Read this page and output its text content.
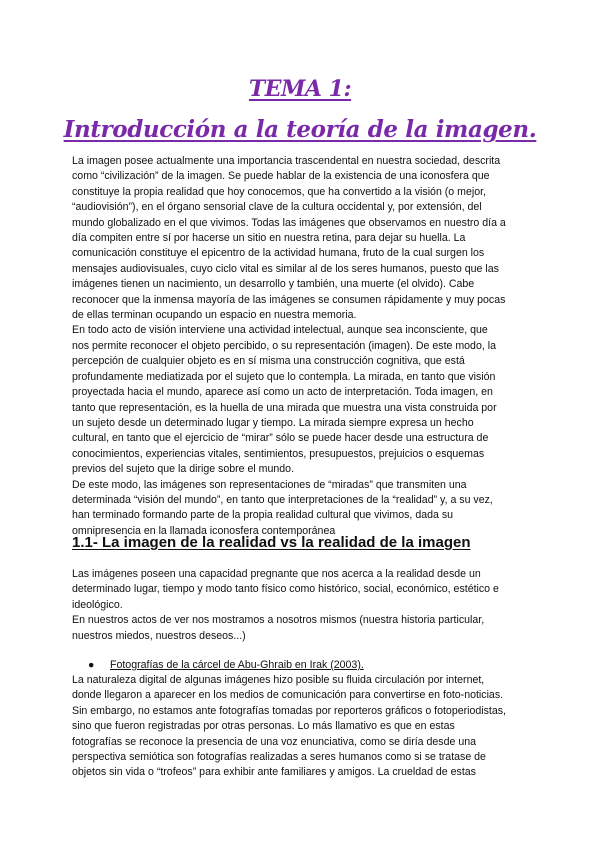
TEMA 1:
Introducción a la teoría de la imagen.

La imagen posee actualmente una importancia trascendental en nuestra sociedad, descrita
como “civilización” de la imagen. Se puede hablar de la existencia de una iconosfera que
constituye la propia realidad que hoy conocemos, que ha convertido a la visión (o mejor,
“audiovisión”), en el órgano sensorial clave de la cultura occidental y, por extensión, del
mundo globalizado en el que vivimos. Todas las imágenes que observamos en nuestro día a
día compiten entre sí por hacerse un sitio en nuestra retina, para dejar su huella. La
comunicación constituye el epicentro de la actividad humana, fruto de la cual surgen los
mensajes audiovisuales, cuyo ciclo vital es similar al de los seres humanos, puesto que las
imágenes tienen un nacimiento, un desarrollo y también, una muerte (el olvido). Cabe
reconocer que la inmensa mayoría de las imágenes se consumen rápidamente y muy pocas
de ellas terminan ocupando un espacio en nuestra memoria.
En todo acto de visión interviene una actividad intelectual, aunque sea inconsciente, que
nos permite reconocer el objeto percibido, o su representación (imagen). De este modo, la
percepción de cualquier objeto es en sí misma una construcción cognitiva, que está
profundamente mediatizada por el sujeto que lo contempla. La mirada, en tanto que visión
proyectada hacia el mundo, aparece así como un acto de interpretación. Toda imagen, en
tanto que representación, es la huella de una mirada que muestra una vista construida por
un sujeto desde un determinado lugar y tiempo. La mirada siempre expresa un hecho
cultural, en tanto que el ejercicio de “mirar” sólo se puede hacer desde una estructura de
conocimientos, experiencias vitales, sentimientos, presupuestos, prejuicios o esquemas
previos del sujeto que la dirige sobre el mundo.
De este modo, las imágenes son representaciones de “miradas” que transmiten una
determinada “visión del mundo”, en tanto que interpretaciones de la “realidad” y, a su vez,
han terminado formando parte de la propia realidad cultural que vivimos, dada su
omnipresencia en la llamada iconosfera contemporánea

1.1- La imagen de la realidad vs la realidad de la imagen

Las imágenes poseen una capacidad pregnante que nos acerca a la realidad desde un
determinado lugar, tiempo y modo tanto físico como histórico, social, económico, estético e
ideológico.
En nuestros actos de ver nos mostramos a nosotros mismos (nuestra historia particular,
nuestros miedos, nuestros deseos...)

● Fotografías de la cárcel de Abu-Ghraib en Irak (2003).

La naturaleza digital de algunas imágenes hizo posible su fluida circulación por internet,
donde llegaron a aparecer en los medios de comunicación para convertirse en foto-noticias.
Sin embargo, no estamos ante fotografías tomadas por reporteros gráficos o fotoperiodistas,
sino que fueron registradas por otras personas. Lo más llamativo es que en estas
fotografías se reconoce la presencia de una voz enunciativa, como se diría desde una
perspectiva semiótica son fotografías realizadas a seres humanos como si se tratase de
objetos sin vida o “trofeos” para exhibir ante familiares y amigos. La crueldad de estas
